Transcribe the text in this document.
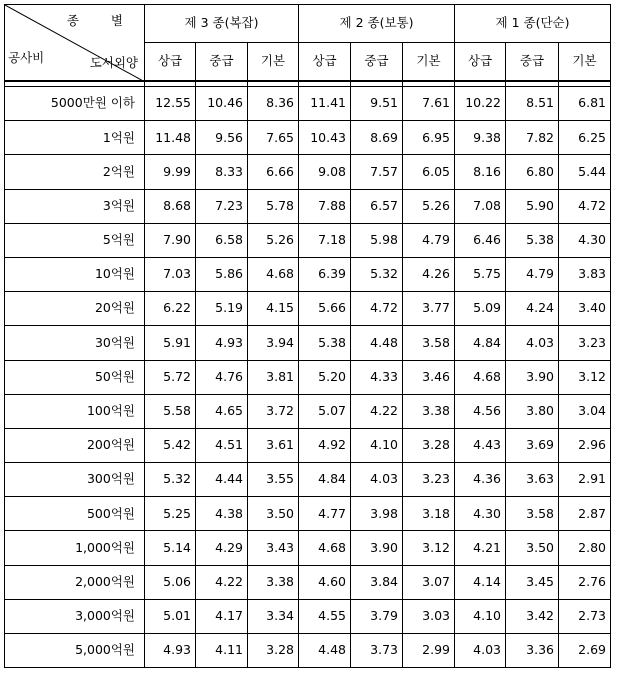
종 별
도서외양
공사비	제 3 종(복잡)			제 2 종(보통)			제 1 종(단순)		
	상급	중급	기본	상급	중급	기본	상급	중급	기본

5000만원 이하	12.55	10.46	8.36	11.41	9.51	7.61	10.22	8.51	6.81
1억원	11.48	9.56	7.65	10.43	8.69	6.95	9.38	7.82	6.25
2억원	9.99	8.33	6.66	9.08	7.57	6.05	8.16	6.80	5.44
3억원	8.68	7.23	5.78	7.88	6.57	5.26	7.08	5.90	4.72
5억원	7.90	6.58	5.26	7.18	5.98	4.79	6.46	5.38	4.30
10억원	7.03	5.86	4.68	6.39	5.32	4.26	5.75	4.79	3.83
20억원	6.22	5.19	4.15	5.66	4.72	3.77	5.09	4.24	3.40
30억원	5.91	4.93	3.94	5.38	4.48	3.58	4.84	4.03	3.23
50억원	5.72	4.76	3.81	5.20	4.33	3.46	4.68	3.90	3.12
100억원	5.58	4.65	3.72	5.07	4.22	3.38	4.56	3.80	3.04
200억원	5.42	4.51	3.61	4.92	4.10	3.28	4.43	3.69	2.96
300억원	5.32	4.44	3.55	4.84	4.03	3.23	4.36	3.63	2.91
500억원	5.25	4.38	3.50	4.77	3.98	3.18	4.30	3.58	2.87
1,000억원	5.14	4.29	3.43	4.68	3.90	3.12	4.21	3.50	2.80
2,000억원	5.06	4.22	3.38	4.60	3.84	3.07	4.14	3.45	2.76
3,000억원	5.01	4.17	3.34	4.55	3.79	3.03	4.10	3.42	2.73
5,000억원	4.93	4.11	3.28	4.48	3.73	2.99	4.03	3.36	2.69
